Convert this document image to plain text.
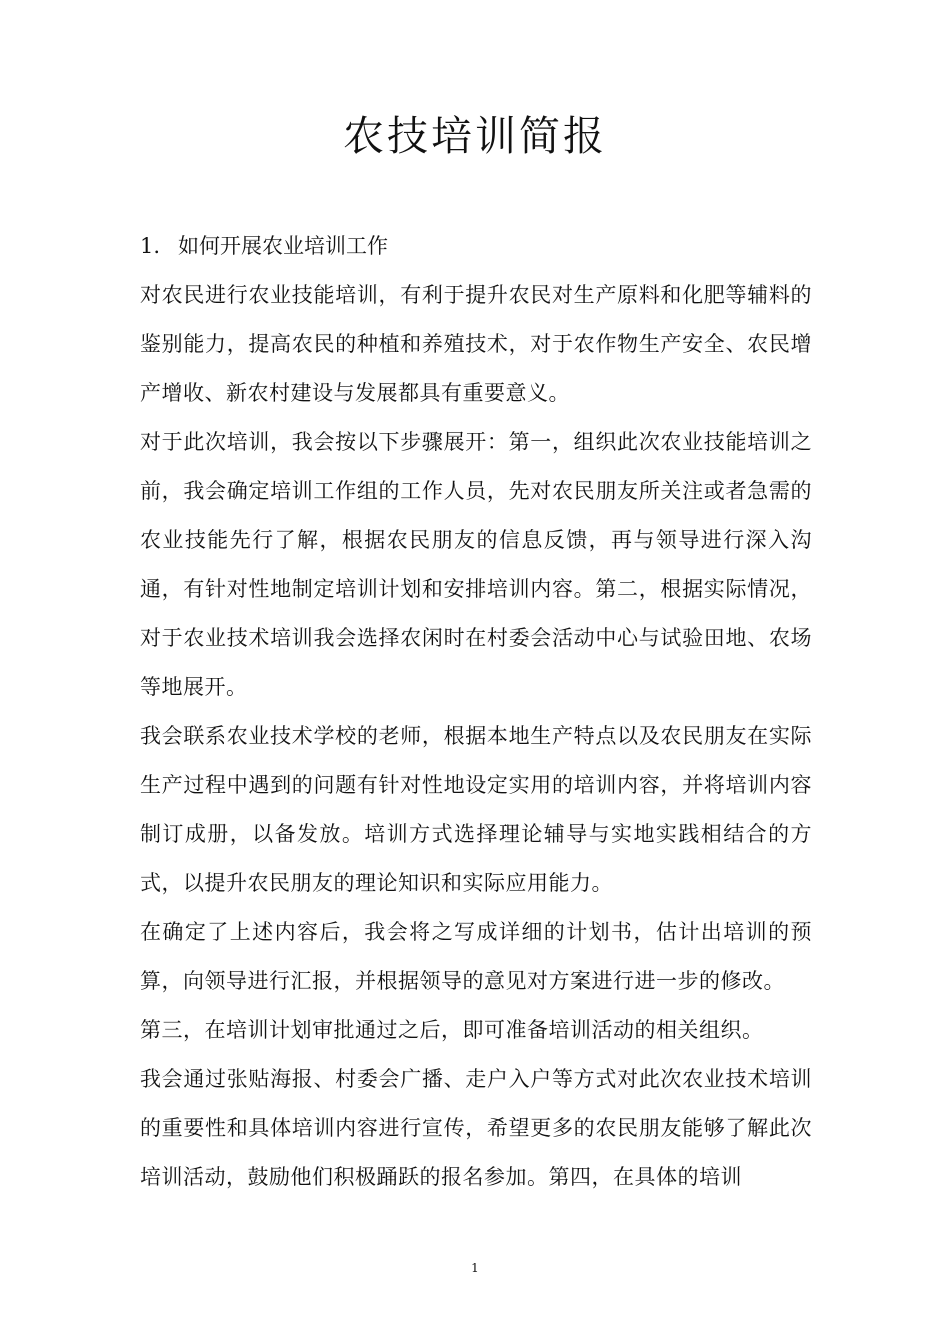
农技培训简报

1. 如何开展农业培训工作

对农民进行农业技能培训，有利于提升农民对生产原料和化肥等辅料的鉴别能力，提高农民的种植和养殖技术，对于农作物生产安全、农民增产增收、新农村建设与发展都具有重要意义。

对于此次培训，我会按以下步骤展开：第一，组织此次农业技能培训之前，我会确定培训工作组的工作人员，先对农民朋友所关注或者急需的农业技能先行了解，根据农民朋友的信息反馈，再与领导进行深入沟通，有针对性地制定培训计划和安排培训内容。第二，根据实际情况，对于农业技术培训我会选择农闲时在村委会活动中心与试验田地、农场等地展开。

我会联系农业技术学校的老师，根据本地生产特点以及农民朋友在实际生产过程中遇到的问题有针对性地设定实用的培训内容，并将培训内容制订成册，以备发放。培训方式选择理论辅导与实地实践相结合的方式，以提升农民朋友的理论知识和实际应用能力。

在确定了上述内容后，我会将之写成详细的计划书，估计出培训的预算，向领导进行汇报，并根据领导的意见对方案进行进一步的修改。

第三，在培训计划审批通过之后，即可准备培训活动的相关组织。

我会通过张贴海报、村委会广播、走户入户等方式对此次农业技术培训的重要性和具体培训内容进行宣传，希望更多的农民朋友能够了解此次培训活动，鼓励他们积极踊跃的报名参加。第四，在具体的培训

1
